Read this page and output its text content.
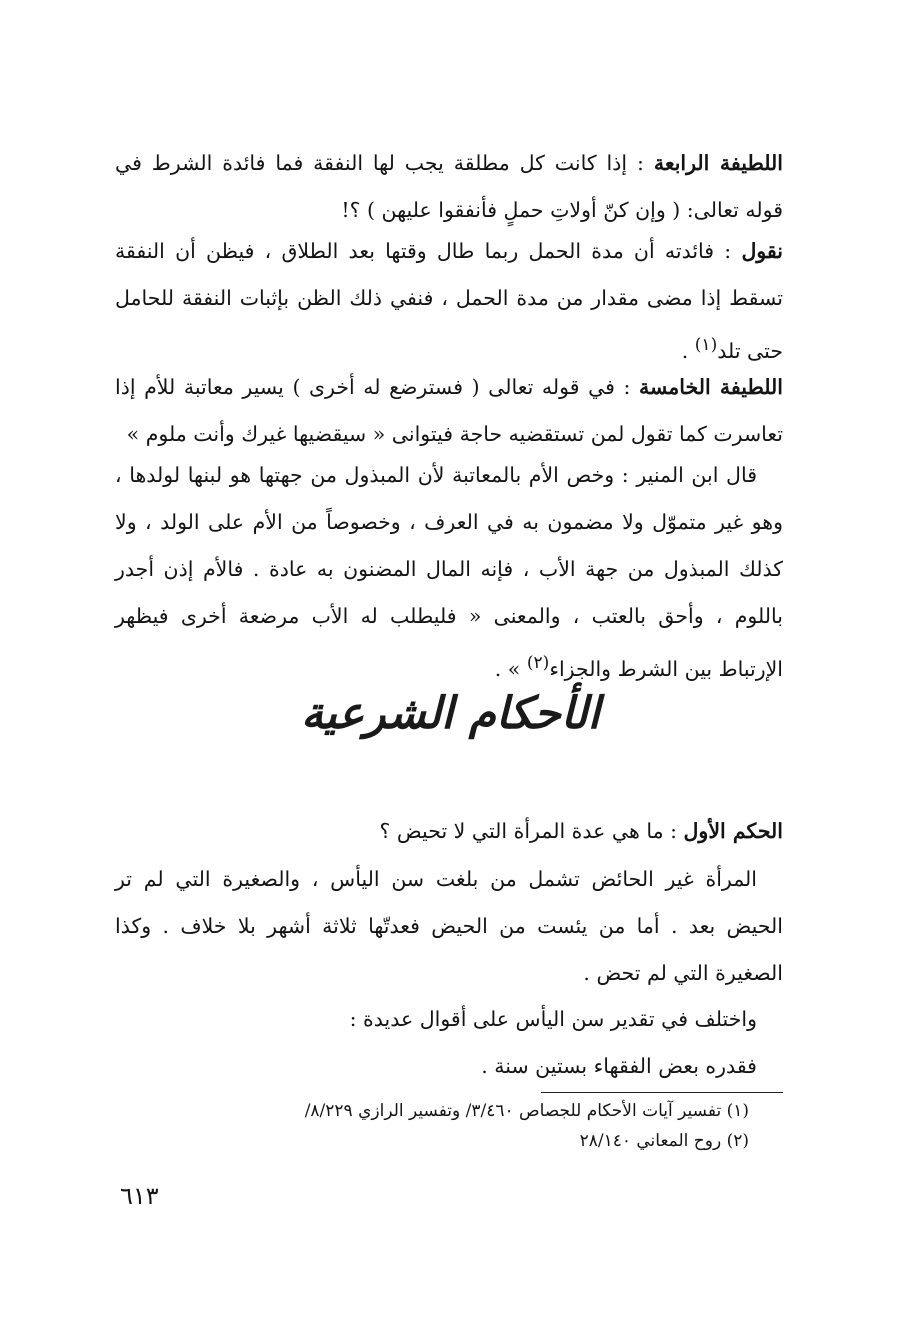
اللطيفة الرابعة : إذا كانت كل مطلقة يجب لها النفقة فما فائدة الشرط في قوله تعالى: ( وإن كنّ أولاتِ حملٍ فأنفقوا عليهن ) ؟!

نقول : فائدته أن مدة الحمل ربما طال وقتها بعد الطلاق ، فيظن أن النفقة تسقط إذا مضى مقدار من مدة الحمل ، فنفي ذلك الظن بإثبات النفقة للحامل حتى تلد$^{(١)}$ .

اللطيفة الخامسة : في قوله تعالى ( فسترضع له أخرى ) يسير معاتبة للأم إذا تعاسرت كما تقول لمن تستقضيه حاجة فيتوانى « سيقضيها غيرك وأنت ملوم »

قال ابن المنير : وخص الأم بالمعاتبة لأن المبذول من جهتها هو لبنها لولدها ، وهو غير متموّل ولا مضمون به في العرف ، وخصوصاً من الأم على الولد ، ولا كذلك المبذول من جهة الأب ، فإنه المال المضنون به عادة . فالأم إذن أجدر باللوم ، وأحق بالعتب ، والمعنى « فليطلب له الأب مرضعة أخرى فيظهر الإرتباط بين الشرط والجزاء$^{(٢)}$ » .

الأحكام الشرعية

الحكم الأول : ما هي عدة المرأة التي لا تحيض ؟

المرأة غير الحائض تشمل من بلغت سن اليأس ، والصغيرة التي لم تر الحيض بعد . أما من يئست من الحيض فعدتّها ثلاثة أشهر بلا خلاف . وكذا الصغيرة التي لم تحض .

واختلف في تقدير سن اليأس على أقوال عديدة :

فقدره بعض الفقهاء بستين سنة .

(١) تفسير آيات الأحكام للجصاص ٣/٤٦٠/ وتفسير الرازي ٨/٢٢٩/

(٢) روح المعاني ٢٨/١٤٠

٦١٣
